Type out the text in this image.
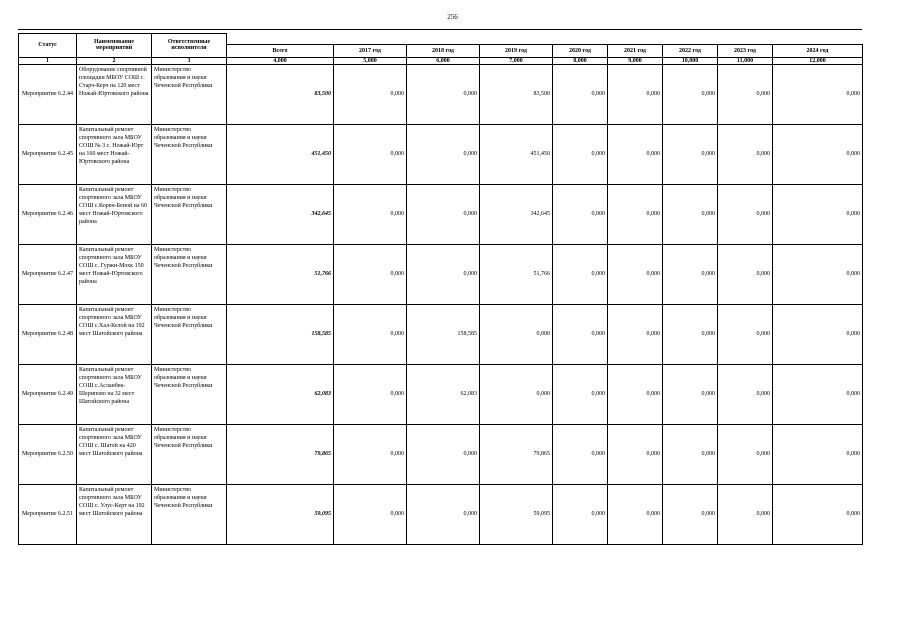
256
Статус	Наименование мероприятий	Ответственные исполнители									
			Всего	2017 год	2018 год	2019 год	2020 год	2021 год	2022 год	2023 год	2024 год
1	2	3	4,000	5,000	6,000	7,000	8,000	9,000	10,000	11,000	12,000
Мероприятие 6.2.44	Оборудование спортивной площадки МБОУ СОШ с. Старч-Керч на 120 мест Ножай-Юртовского района	Министерство образования и науки Чеченской Республики	83,500	0,000	0,000	83,500	0,000	0,000	0,000	0,000	0,000
Мероприятие 6.2.45	Капитальный ремонт спортивного зала МБОУ СОШ № 3 с. Ножай-Юрт на 160 мест Ножай-Юртовского района	Министерство образования и науки Чеченской Республики	451,450	0,000	0,000	451,450	0,000	0,000	0,000	0,000	0,000
Мероприятие 6.2.46	Капитальный ремонт спортивного зала МБОУ СОШ с.Корен-Беной на 60 мест Ножай-Юртовского района	Министерство образования и науки Чеченской Республики	342,645	0,000	0,000	342,645	0,000	0,000	0,000	0,000	0,000
Мероприятие 6.2.47	Капитальный ремонт спортивного зала МБОУ СОШ с. Гуржи-Мохк 150 мест Ножай-Юртовского района	Министерство образования и науки Чеченской Республики	51,766	0,000	0,000	51,766	0,000	0,000	0,000	0,000	0,000
Мероприятие 6.2.48	Капитальный ремонт спортивного зала МБОУ СОШ с.Хал-Келой на 192 мест Шатойского района	Министерство образования и науки Чеченской Республики	158,585	0,000	158,585	0,000	0,000	0,000	0,000	0,000	0,000
Мероприятие 6.2.49	Капитальный ремонт спортивного зала МБОУ СОШ с.Асланбек-Шерипово на 32 мест Шатойского района	Министерство образования и науки Чеченской Республики	62,083	0,000	62,083	0,000	0,000	0,000	0,000	0,000	0,000
Мероприятие 6.2.50	Капитальный ремонт спортивного зала МБОУ СОШ с. Шатой на 420 мест Шатойского района	Министерство образования и науки Чеченской Республики	79,865	0,000	0,000	79,865	0,000	0,000	0,000	0,000	0,000
Мероприятие 6.2.51	Капитальный ремонт спортивного зала МБОУ СОШ с. Улус-Керт на 192 мест Шатойского района	Министерство образования и науки Чеченской Республики	59,095	0,000	0,000	59,095	0,000	0,000	0,000	0,000	0,000
